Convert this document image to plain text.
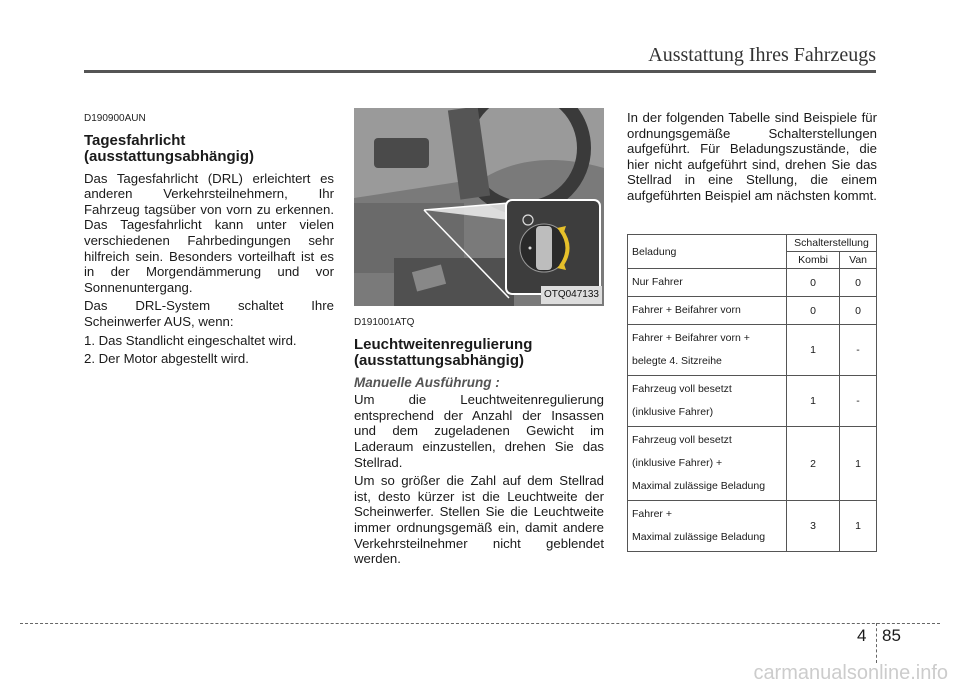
Ausstattung Ihres Fahrzeugs
D190900AUN
Tagesfahrlicht (ausstattungsabhängig)

Das Tagesfahrlicht (DRL) erleichtert es anderen Verkehrsteilnehmern, Ihr Fahrzeug tagsüber von vorn zu erkennen. Das Tagesfahrlicht kann unter vielen verschiedenen Fahrbedingungen sehr hilfreich sein. Besonders vorteilhaft ist es in der Morgendämmerung und vor Sonnenuntergang.

Das DRL-System schaltet Ihre Scheinwerfer AUS, wenn:

1. Das Standlicht eingeschaltet wird.

2. Der Motor abgestellt wird.

OTQ047133
D191001ATQ
Leuchtweitenregulierung (ausstattungsabhängig)
Manuelle Ausführung :

Um die Leuchtweitenregulierung entsprechend der Anzahl der Insassen und dem zugeladenen Gewicht im Laderaum einzustellen, drehen Sie das Stellrad.

Um so größer die Zahl auf dem Stellrad ist, desto kürzer ist die Leuchtweite der Scheinwerfer. Stellen Sie die Leuchtweite immer ordnungsgemäß ein, damit andere Verkehrsteilnehmer nicht geblendet werden.

In der folgenden Tabelle sind Beispiele für ordnungsgemäße Schalterstellungen aufgeführt. Für Beladungszustände, die hier nicht aufgeführt sind, drehen Sie das Stellrad in eine Stellung, die einem aufgeführten Beispiel am nächsten kommt.

Beladung	Schalterstellung	
	Kombi	Van

Nur Fahrer	0	0

Fahrer + Beifahrer vorn	0	0

Fahrer + Beifahrer vorn +
belegte 4. Sitzreihe	1	-

Fahrzeug voll besetzt
(inklusive Fahrer)	1	-

Fahrzeug voll besetzt
(inklusive Fahrer) +
Maximal zulässige Beladung	2	1

Fahrer +
Maximal zulässige Beladung	3	1
4 85
carmanualsonline.info
